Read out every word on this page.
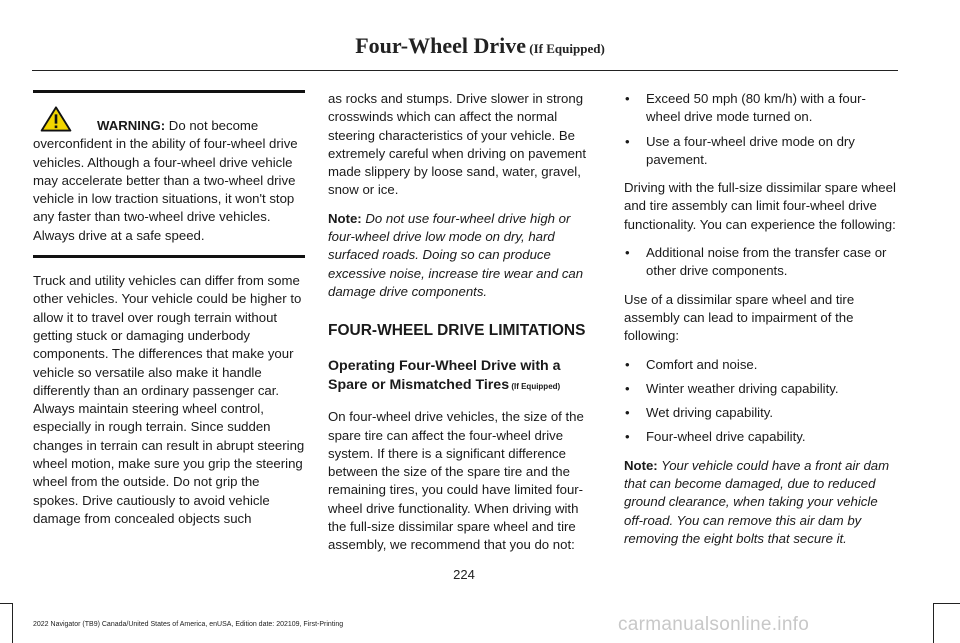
Four-Wheel Drive (If Equipped)

WARNING: Do not become overconfident in the ability of four-wheel drive vehicles. Although a four-wheel drive vehicle may accelerate better than a two-wheel drive vehicle in low traction situations, it won't stop any faster than two-wheel drive vehicles. Always drive at a safe speed.

Truck and utility vehicles can differ from some other vehicles. Your vehicle could be higher to allow it to travel over rough terrain without getting stuck or damaging underbody components. The differences that make your vehicle so versatile also make it handle differently than an ordinary passenger car. Always maintain steering wheel control, especially in rough terrain. Since sudden changes in terrain can result in abrupt steering wheel motion, make sure you grip the steering wheel from the outside. Do not grip the spokes. Drive cautiously to avoid vehicle damage from concealed objects such

as rocks and stumps. Drive slower in strong crosswinds which can affect the normal steering characteristics of your vehicle. Be extremely careful when driving on pavement made slippery by loose sand, water, gravel, snow or ice.

Note: Do not use four-wheel drive high or four-wheel drive low mode on dry, hard surfaced roads. Doing so can produce excessive noise, increase tire wear and can damage drive components.

FOUR-WHEEL DRIVE LIMITATIONS
Operating Four-Wheel Drive with a Spare or Mismatched Tires (If Equipped)

On four-wheel drive vehicles, the size of the spare tire can affect the four-wheel drive system. If there is a significant difference between the size of the spare tire and the remaining tires, you could have limited four-wheel drive functionality. When driving with the full-size dissimilar spare wheel and tire assembly, we recommend that you do not:

• Exceed 50 mph (80 km/h) with a four-wheel drive mode turned on.
• Use a four-wheel drive mode on dry pavement.

Driving with the full-size dissimilar spare wheel and tire assembly can limit four-wheel drive functionality. You can experience the following:

• Additional noise from the transfer case or other drive components.

Use of a dissimilar spare wheel and tire assembly can lead to impairment of the following:

• Comfort and noise.
• Winter weather driving capability.
• Wet driving capability.
• Four-wheel drive capability.

Note: Your vehicle could have a front air dam that can become damaged, due to reduced ground clearance, when taking your vehicle off-road. You can remove this air dam by removing the eight bolts that secure it.

224
2022 Navigator (TB9) Canada/United States of America, enUSA, Edition date: 202109, First-Printing	carmanualsonline.info
